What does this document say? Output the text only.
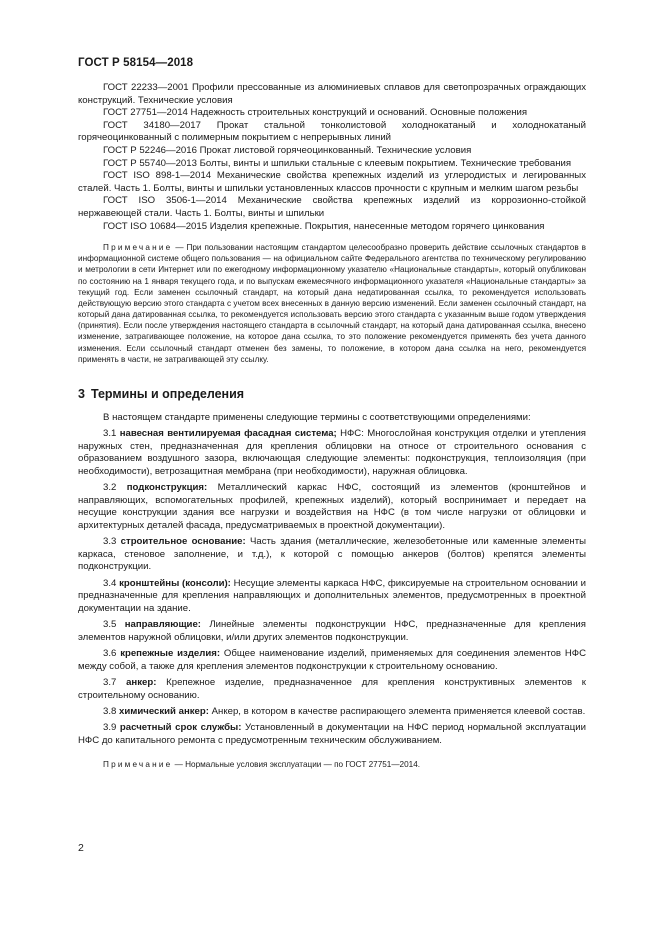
ГОСТ Р 58154—2018

ГОСТ 22233—2001 Профили прессованные из алюминиевых сплавов для светопрозрачных ограждающих конструкций. Технические условия

ГОСТ 27751—2014 Надежность строительных конструкций и оснований. Основные положения

ГОСТ 34180—2017 Прокат стальной тонколистовой холоднокатаный и холоднокатаный горячеоцинкованный с полимерным покрытием с непрерывных линий

ГОСТ Р 52246—2016 Прокат листовой горячеоцинкованный. Технические условия

ГОСТ Р 55740—2013 Болты, винты и шпильки стальные с клеевым покрытием. Технические требования

ГОСТ ISO 898-1—2014 Механические свойства крепежных изделий из углеродистых и легированных сталей. Часть 1. Болты, винты и шпильки установленных классов прочности с крупным и мелким шагом резьбы

ГОСТ ISO 3506-1—2014 Механические свойства крепежных изделий из коррозионно-стойкой нержавеющей стали. Часть 1. Болты, винты и шпильки

ГОСТ ISO 10684—2015 Изделия крепежные. Покрытия, нанесенные методом горячего цинкования

Примечание — При пользовании настоящим стандартом целесообразно проверить действие ссылочных стандартов в информационной системе общего пользования — на официальном сайте Федерального агентства по техническому регулированию и метрологии в сети Интернет или по ежегодному информационному указателю «Национальные стандарты», который опубликован по состоянию на 1 января текущего года, и по выпускам ежемесячного информационного указателя «Национальные стандарты» за текущий год. Если заменен ссылочный стандарт, на который дана недатированная ссылка, то рекомендуется использовать действующую версию этого стандарта с учетом всех внесенных в данную версию изменений. Если заменен ссылочный стандарт, на который дана датированная ссылка, то рекомендуется использовать версию этого стандарта с указанным выше годом утверждения (принятия). Если после утверждения настоящего стандарта в ссылочный стандарт, на который дана датированная ссылка, внесено изменение, затрагивающее положение, на которое дана ссылка, то это положение рекомендуется применять без учета данного изменения. Если ссылочный стандарт отменен без замены, то положение, в котором дана ссылка на него, рекомендуется применять в части, не затрагивающей эту ссылку.

3 Термины и определения

В настоящем стандарте применены следующие термины с соответствующими определениями:

3.1 навесная вентилируемая фасадная система; НФС: Многослойная конструкция отделки и утепления наружных стен, предназначенная для крепления облицовки на относе от строительного основания с образованием воздушного зазора, включающая следующие элементы: подконструкция, теплоизоляция (при необходимости), ветрозащитная мембрана (при необходимости), наружная облицовка.

3.2 подконструкция: Металлический каркас НФС, состоящий из элементов (кронштейнов и направляющих, вспомогательных профилей, крепежных изделий), который воспринимает и передает на несущие конструкции здания все нагрузки и воздействия на НФС (в том числе нагрузки от облицовки и архитектурных деталей фасада, предусматриваемых в проектной документации).

3.3 строительное основание: Часть здания (металлические, железобетонные или каменные элементы каркаса, стеновое заполнение, и т.д.), к которой с помощью анкеров (болтов) крепятся элементы подконструкции.

3.4 кронштейны (консоли): Несущие элементы каркаса НФС, фиксируемые на строительном основании и предназначенные для крепления направляющих и дополнительных элементов, предусмотренных в проектной документации на здание.

3.5 направляющие: Линейные элементы подконструкции НФС, предназначенные для крепления элементов наружной облицовки, и/или других элементов подконструкции.

3.6 крепежные изделия: Общее наименование изделий, применяемых для соединения элементов НФС между собой, а также для крепления элементов подконструкции к строительному основанию.

3.7 анкер: Крепежное изделие, предназначенное для крепления конструктивных элементов к строительному основанию.

3.8 химический анкер: Анкер, в котором в качестве распирающего элемента применяется клеевой состав.

3.9 расчетный срок службы: Установленный в документации на НФС период нормальной эксплуатации НФС до капитального ремонта с предусмотренным техническим обслуживанием.

Примечание — Нормальные условия эксплуатации — по ГОСТ 27751—2014.

2
